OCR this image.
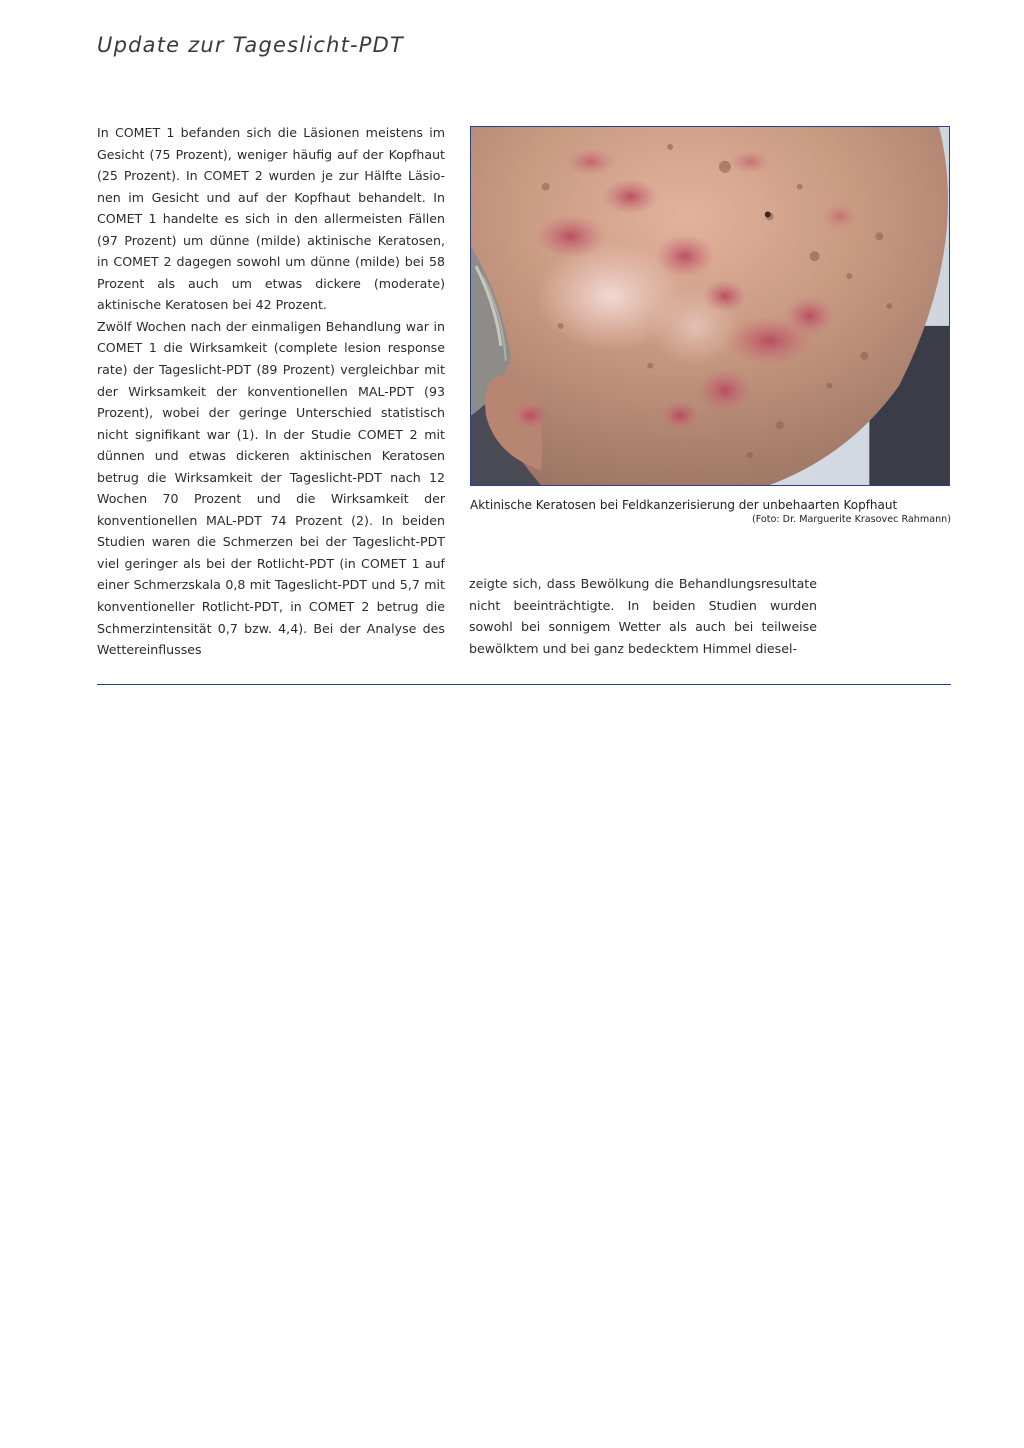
Update zur Tageslicht-PDT

In COMET 1 befanden sich die Läsionen meistens im Gesicht (75 Prozent), weniger häufig auf der Kopfhaut (25 Prozent). In COMET 2 wurden je zur Hälfte Läsionen im Gesicht und auf der Kopfhaut behandelt. In COMET 1 handelte es sich in den allermeisten Fällen (97 Prozent) um dünne (milde) aktinische Keratosen, in COMET 2 dagegen sowohl um dünne (milde) bei 58 Prozent als auch um etwas dickere (moderate) aktinische Keratosen bei 42 Prozent.

Zwölf Wochen nach der einmaligen Behandlung war in COMET 1 die Wirksamkeit (complete lesion response rate) der Tageslicht-PDT (89 Prozent) vergleichbar mit der Wirksamkeit der konventionellen MAL-PDT (93 Prozent), wobei der geringe Unterschied statistisch nicht signifikant war (1). In der Studie COMET 2 mit dünnen und etwas dickeren aktinischen Keratosen betrug die Wirksamkeit der Tageslicht-PDT nach 12 Wochen 70 Prozent und die Wirksamkeit der konventionellen MAL-PDT 74 Prozent (2). In beiden Studien waren die Schmerzen bei der Tageslicht-PDT viel geringer als bei der Rotlicht-PDT (in COMET 1 auf einer Schmerzskala 0,8 mit Tageslicht-PDT und 5,7 mit konventioneller Rotlicht-PDT, in COMET 2 betrug die Schmerzintensität 0,7 bzw. 4,4). Bei der Analyse des Wettereinflusses

Aktinische Keratosen bei Feldkanzerisierung der unbehaarten Kopfhaut
(Foto: Dr. Marguerite Krasovec Rahmann)

zeigte sich, dass Bewölkung die Behandlungsresultate nicht beeinträchtigte. In beiden Studien wurden sowohl bei sonnigem Wetter als auch bei teilweise bewölktem und bei ganz bedecktem Himmel diesel-
